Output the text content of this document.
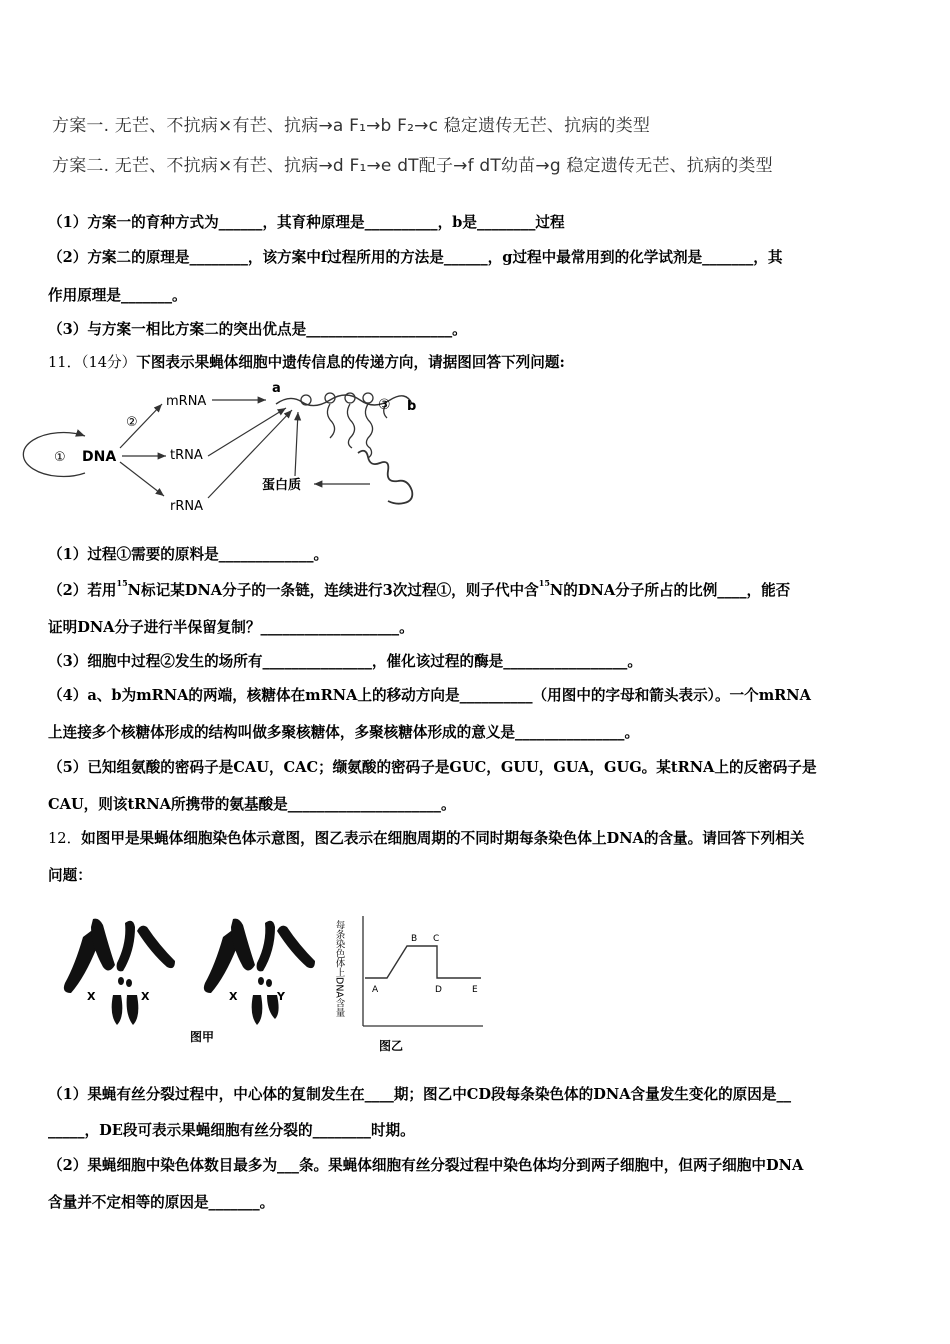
方案一. 无芒、不抗病×有芒、抗病→a F₁→b F₂→c 稳定遗传无芒、抗病的类型
方案二. 无芒、不抗病×有芒、抗病→d F₁→e dT配子→f dT幼苗→g 稳定遗传无芒、抗病的类型
（1）方案一的育种方式为______，其育种原理是__________，b是________过程
（2）方案二的原理是________，该方案中f过程所用的方法是______，g过程中最常用到的化学试剂是_______，其
作用原理是_______。
（3）与方案一相比方案二的突出优点是____________________。
11．（14分）下图表示果蝇体细胞中遗传信息的传递方向，请据图回答下列问题:
① DNA
②
mRNA
tRNA
rRNA
a
③ b
蛋白质
（1）过程①需要的原料是_____________。
（2）若用$^{15}$N标记某DNA分子的一条链，连续进行3次过程①，则子代中含$^{15}$N的DNA分子所占的比例____，能否
证明DNA分子进行半保留复制？___________________。
（3）细胞中过程②发生的场所有_______________，催化该过程的酶是_________________。
（4）a、b为mRNA的两端，核糖体在mRNA上的移动方向是__________（用图中的字母和箭头表示）。一个mRNA
上连接多个核糖体形成的结构叫做多聚核糖体，多聚核糖体形成的意义是_______________。
（5）已知组氨酸的密码子是CAU，CAC；缬氨酸的密码子是GUC，GUU，GUA，GUG。某tRNA上的反密码子是
CAU，则该tRNA所携带的氨基酸是_____________________。
12．如图甲是果蝇体细胞染色体示意图，图乙表示在细胞周期的不同时期每条染色体上DNA的含量。请回答下列相关
问题：
X	X	X	Y
图甲
每条染色体上DNA含量	A
B C
D	E
图乙
（1）果蝇有丝分裂过程中，中心体的复制发生在____期；图乙中CD段每条染色体的DNA含量发生变化的原因是__
_____，DE段可表示果蝇细胞有丝分裂的________时期。
（2）果蝇细胞中染色体数目最多为___条。果蝇体细胞有丝分裂过程中染色体均分到两子细胞中，但两子细胞中DNA
含量并不定相等的原因是_______。
